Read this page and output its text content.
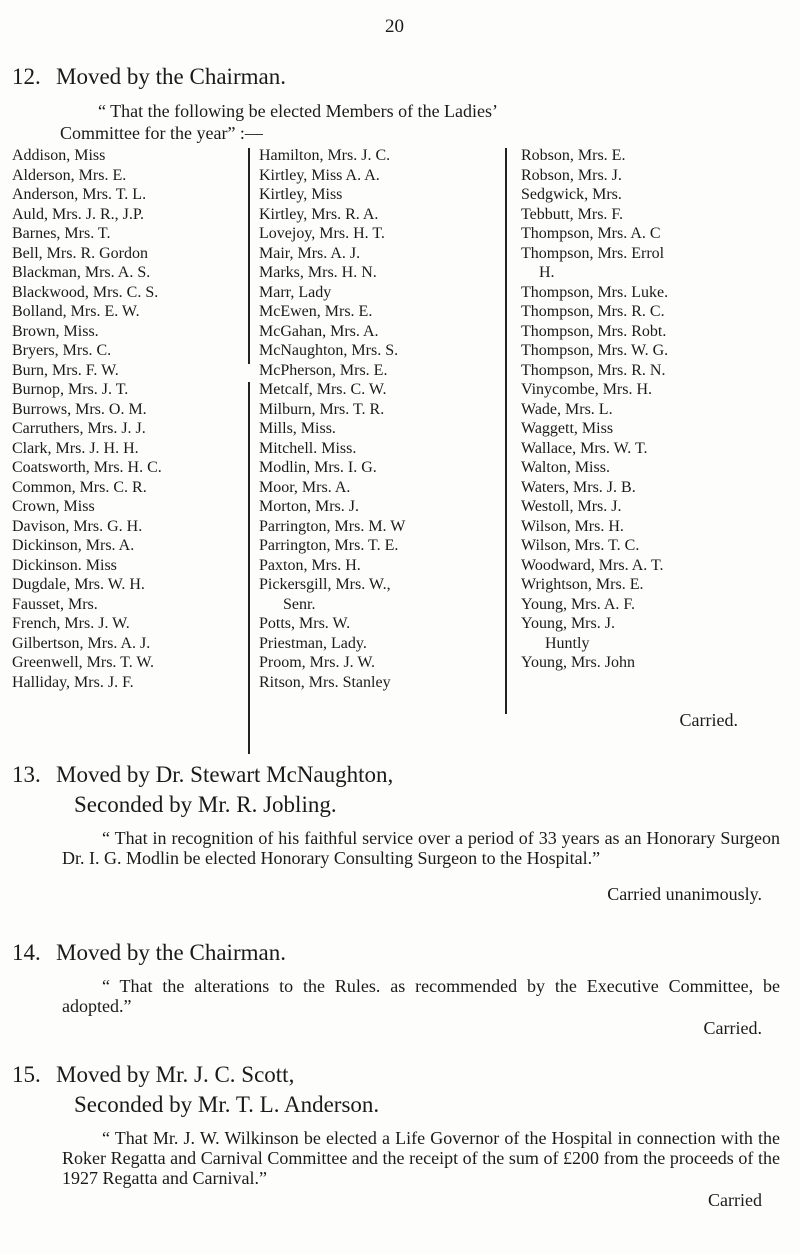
20
12. Moved by the Chairman.
“ That the following be elected Members of the Ladies’
Committee for the year” :—
Addison, Miss
Alderson, Mrs. E.
Anderson, Mrs. T. L.
Auld, Mrs. J. R., J.P.
Barnes, Mrs. T.
Bell, Mrs. R. Gordon
Blackman, Mrs. A. S.
Blackwood, Mrs. C. S.
Bolland, Mrs. E. W.
Brown, Miss.
Bryers, Mrs. C.
Burn, Mrs. F. W.
Burnop, Mrs. J. T.
Burrows, Mrs. O. M.
Carruthers, Mrs. J. J.
Clark, Mrs. J. H. H.
Coatsworth, Mrs. H. C.
Common, Mrs. C. R.
Crown, Miss
Davison, Mrs. G. H.
Dickinson, Mrs. A.
Dickinson. Miss
Dugdale, Mrs. W. H.
Fausset, Mrs.
French, Mrs. J. W.
Gilbertson, Mrs. A. J.
Greenwell, Mrs. T. W.
Halliday, Mrs. J. F.
Hamilton, Mrs. J. C.
Kirtley, Miss A. A.
Kirtley, Miss
Kirtley, Mrs. R. A.
Lovejoy, Mrs. H. T.
Mair, Mrs. A. J.
Marks, Mrs. H. N.
Marr, Lady
McEwen, Mrs. E.
McGahan, Mrs. A.
McNaughton, Mrs. S.
McPherson, Mrs. E.
Metcalf, Mrs. C. W.
Milburn, Mrs. T. R.
Mills, Miss.
Mitchell. Miss.
Modlin, Mrs. I. G.
Moor, Mrs. A.
Morton, Mrs. J.
Parrington, Mrs. M. W
Parrington, Mrs. T. E.
Paxton, Mrs. H.
Pickersgill, Mrs. W.,
Senr.
Potts, Mrs. W.
Priestman, Lady.
Proom, Mrs. J. W.
Ritson, Mrs. Stanley
Robson, Mrs. E.
Robson, Mrs. J.
Sedgwick, Mrs.
Tebbutt, Mrs. F.
Thompson, Mrs. A. C
Thompson, Mrs. Errol
H.
Thompson, Mrs. Luke.
Thompson, Mrs. R. C.
Thompson, Mrs. Robt.
Thompson, Mrs. W. G.
Thompson, Mrs. R. N.
Vinycombe, Mrs. H.
Wade, Mrs. L.
Waggett, Miss
Wallace, Mrs. W. T.
Walton, Miss.
Waters, Mrs. J. B.
Westoll, Mrs. J.
Wilson, Mrs. H.
Wilson, Mrs. T. C.
Woodward, Mrs. A. T.
Wrightson, Mrs. E.
Young, Mrs. A. F.
Young, Mrs. J.
Huntly
Young, Mrs. John
Carried.
13. Moved by Dr. Stewart McNaughton,
Seconded by Mr. R. Jobling.
“ That in recognition of his faithful service over a period of 33 years as an Honorary Surgeon Dr. I. G. Modlin be elected Honorary Consulting Surgeon to the Hospital.”
Carried unanimously.
14. Moved by the Chairman.
“ That the alterations to the Rules. as recommended by the Executive Committee, be adopted.”
Carried.
15. Moved by Mr. J. C. Scott,
Seconded by Mr. T. L. Anderson.
“ That Mr. J. W. Wilkinson be elected a Life Governor of the Hospital in connection with the Roker Regatta and Carnival Committee and the receipt of the sum of £200 from the proceeds of the 1927 Regatta and Carnival.”
Carried
